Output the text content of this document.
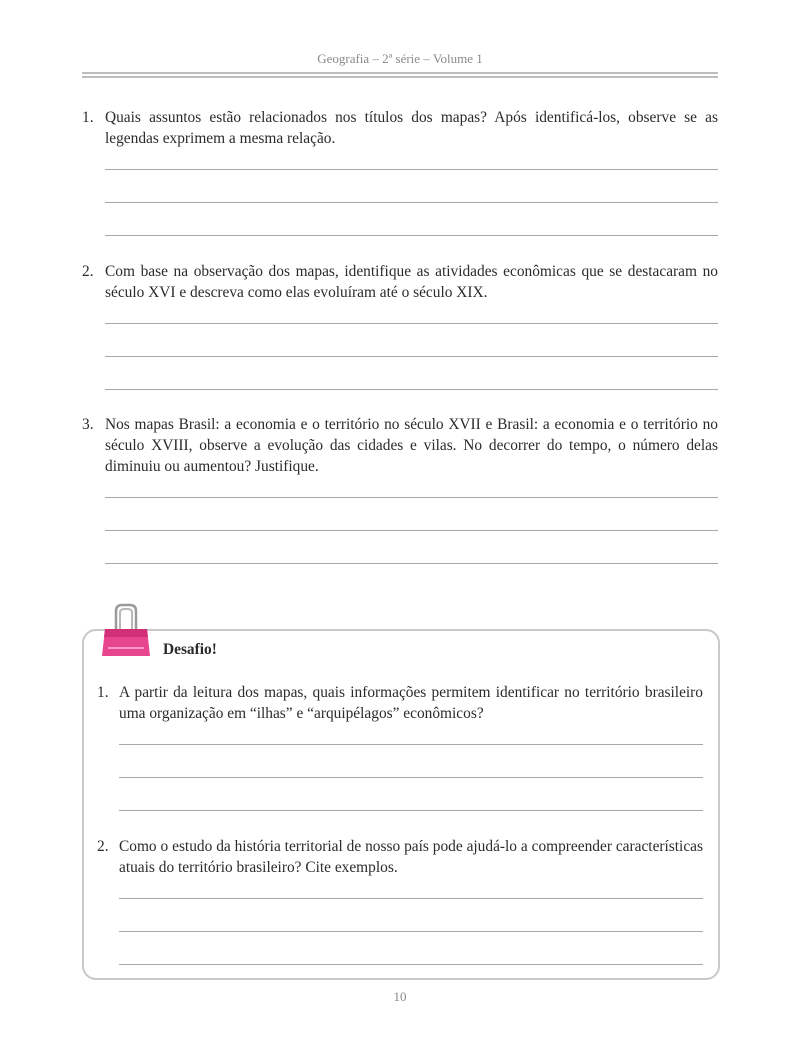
Geografia – 2ª série – Volume 1
1. Quais assuntos estão relacionados nos títulos dos mapas? Após identificá-los, observe se as legendas exprimem a mesma relação.
2. Com base na observação dos mapas, identifique as atividades econômicas que se destacaram no século XVI e descreva como elas evoluíram até o século XIX.
3. Nos mapas Brasil: a economia e o território no século XVII e Brasil: a economia e o território no século XVIII, observe a evolução das cidades e vilas. No decorrer do tempo, o número delas diminuiu ou aumentou? Justifique.
Desafio!
1. A partir da leitura dos mapas, quais informações permitem identificar no território brasileiro uma organização em “ilhas” e “arquipélagos” econômicos?
2. Como o estudo da história territorial de nosso país pode ajudá-lo a compreender características atuais do território brasileiro? Cite exemplos.
10
